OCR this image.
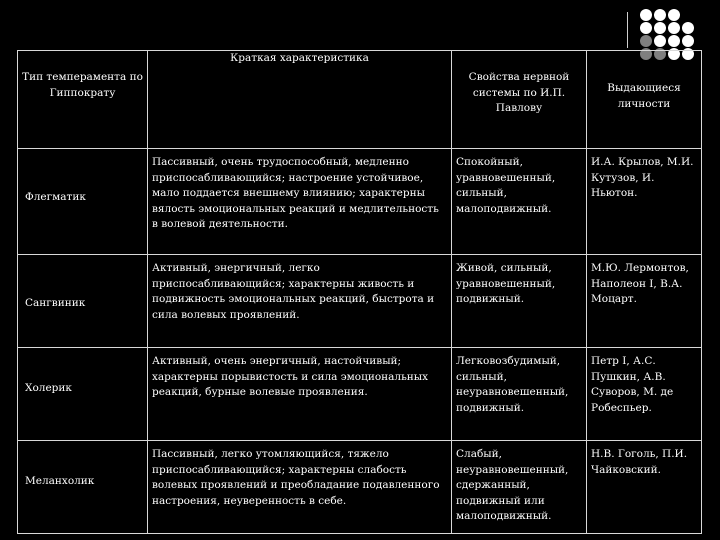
Тип темперамента по Гиппократу	Краткая характеристика	Свойства нервной системы по И.П. Павлову	Выдающиеся личности

Флегматик	Пассивный, очень трудоспособный, медленно приспосабливающийся; настроение устойчивое, мало поддается внешнему влиянию; характерны вялость эмоциональных реакций и медлительность в волевой деятельности.	Спокойный, уравновешенный, сильный, малоподвижный.	И.А. Крылов, М.И. Кутузов, И. Ньютон.

Сангвиник	Активный, энергичный, легко приспосабливающийся; характерны живость и подвижность эмоциональных реакций, быстрота и сила волевых проявлений.	Живой, сильный, уравновешенный, подвижный.	М.Ю. Лермонтов, Наполеон I, В.А. Моцарт.

Холерик	Активный, очень энергичный, настойчивый; характерны порывистость и сила эмоциональных реакций, бурные волевые проявления.	Легковозбудимый, сильный, неуравновешенный, подвижный.	Петр I, А.С. Пушкин, А.В. Суворов, М. де Робеспьер.

Меланхолик	Пассивный, легко утомляющийся, тяжело приспосабливающийся; характерны слабость волевых проявлений и преобладание подавленного настроения, неуверенность в себе.	Слабый, неуравновешенный, сдержанный, подвижный или малоподвижный.	Н.В. Гоголь, П.И. Чайковский.
